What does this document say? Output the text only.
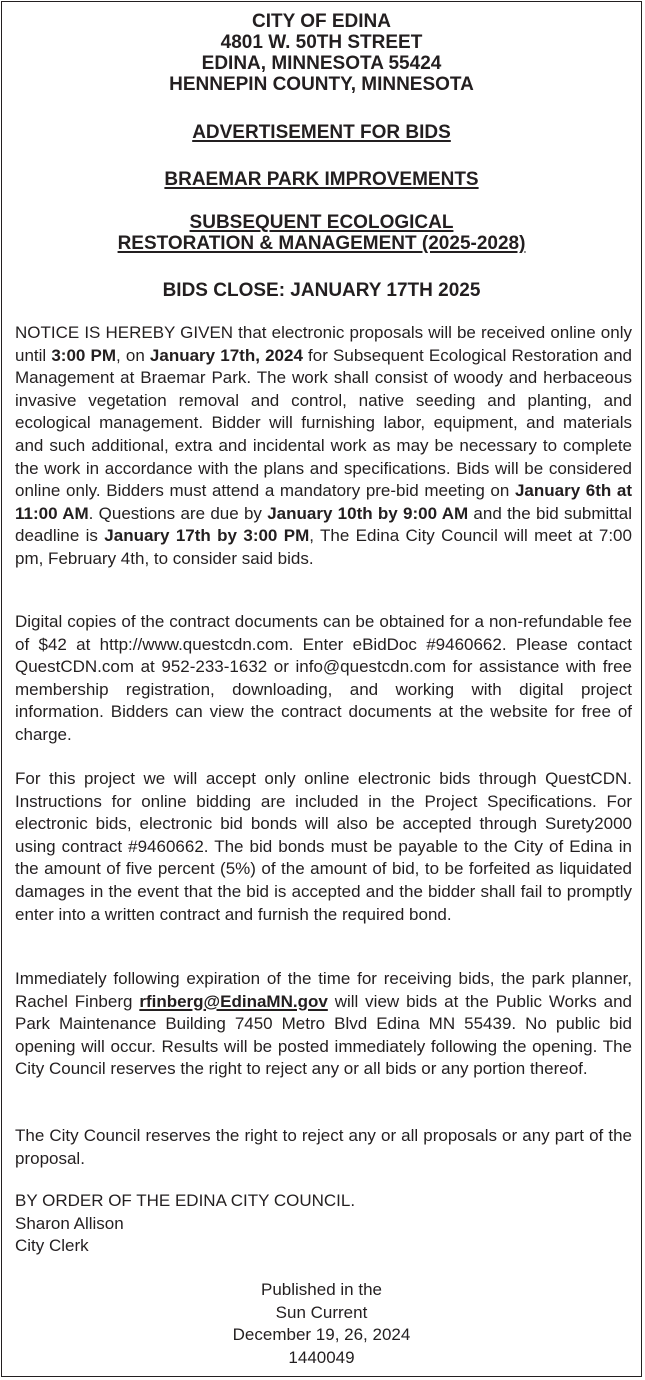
CITY OF EDINA
4801 W. 50TH STREET
EDINA, MINNESOTA 55424
HENNEPIN COUNTY, MINNESOTA
ADVERTISEMENT FOR BIDS
BRAEMAR PARK IMPROVEMENTS
SUBSEQUENT ECOLOGICAL
RESTORATION & MANAGEMENT (2025-2028)
BIDS CLOSE: JANUARY 17TH 2025
NOTICE IS HEREBY GIVEN that electronic proposals will be received online only until 3:00 PM, on January 17th, 2024 for Subsequent Ecological Restoration and Management at Braemar Park. The work shall consist of woody and herbaceous invasive vegetation removal and control, native seeding and planting, and ecological management. Bidder will furnishing labor, equipment, and materials and such additional, extra and incidental work as may be necessary to complete the work in accordance with the plans and specifications. Bids will be considered online only. Bidders must attend a mandatory pre-bid meeting on January 6th at 11:00 AM. Questions are due by January 10th by 9:00 AM and the bid submittal deadline is January 17th by 3:00 PM, The Edina City Council will meet at 7:00 pm, February 4th, to consider said bids.
Digital copies of the contract documents can be obtained for a non-refundable fee of $42 at http://www.questcdn.com. Enter eBidDoc #9460662. Please contact QuestCDN.com at 952-233-1632 or info@questcdn.com for assistance with free membership registration, downloading, and working with digital project information. Bidders can view the contract documents at the website for free of charge.
For this project we will accept only online electronic bids through QuestCDN. Instructions for online bidding are included in the Project Specifications. For electronic bids, electronic bid bonds will also be accepted through Surety2000 using contract #9460662. The bid bonds must be payable to the City of Edina in the amount of five percent (5%) of the amount of bid, to be forfeited as liquidated damages in the event that the bid is accepted and the bidder shall fail to promptly enter into a written contract and furnish the required bond.
Immediately following expiration of the time for receiving bids, the park planner, Rachel Finberg rfinberg@EdinaMN.gov will view bids at the Public Works and Park Maintenance Building 7450 Metro Blvd Edina MN 55439. No public bid opening will occur. Results will be posted immediately following the opening. The City Council reserves the right to reject any or all bids or any portion thereof.
The City Council reserves the right to reject any or all proposals or any part of the proposal.
BY ORDER OF THE EDINA CITY COUNCIL.
Sharon Allison
City Clerk
Published in the
Sun Current
December 19, 26, 2024
1440049
